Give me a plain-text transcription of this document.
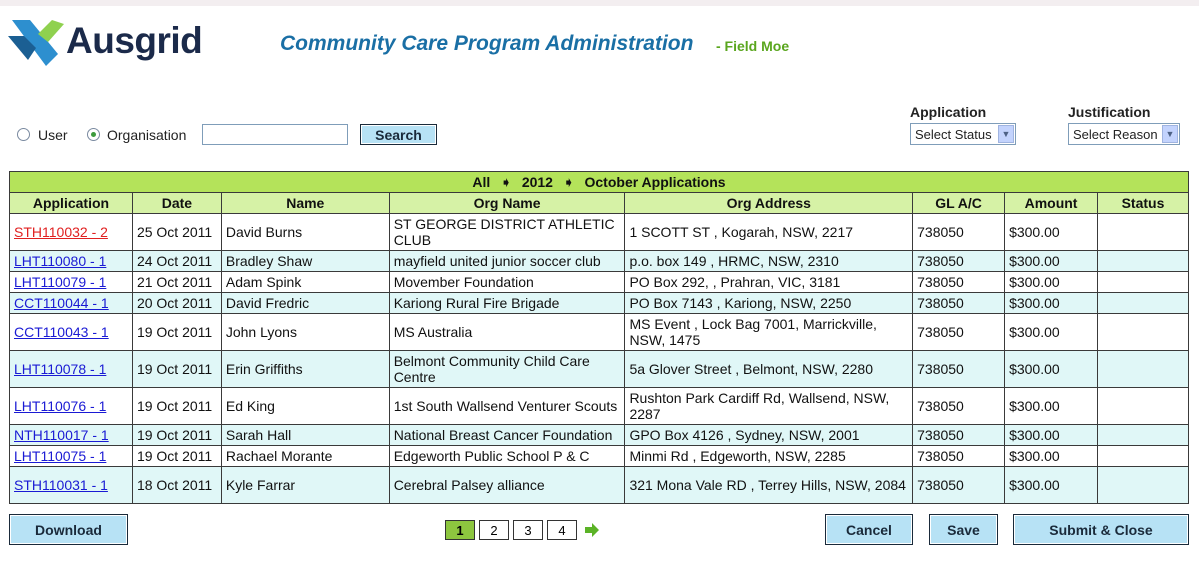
Ausgrid	Community Care Program Administration - Field Moe
User	Organisation	Search
Application
Select Status	▼
Justification
Select Reason ▼
All ➧ 2012 ➧ October Applications							
Application	Date	Name	Org Name	Org Address	GL A/C	Amount	Status
STH110032 - 2	25 Oct 2011	David Burns	ST GEORGE DISTRICT ATHLETIC CLUB	1 SCOTT ST , Kogarah, NSW, 2217	738050	$300.00	
LHT110080 - 1	24 Oct 2011	Bradley Shaw	mayfield united junior soccer club	p.o. box 149 , HRMC, NSW, 2310	738050	$300.00	
LHT110079 - 1	21 Oct 2011	Adam Spink	Movember Foundation	PO Box 292, , Prahran, VIC, 3181	738050	$300.00	
CCT110044 - 1	20 Oct 2011	David Fredric	Kariong Rural Fire Brigade	PO Box 7143 , Kariong, NSW, 2250	738050	$300.00	
CCT110043 - 1	19 Oct 2011	John Lyons	MS Australia	MS Event , Lock Bag 7001, Marrickville, NSW, 1475	738050	$300.00	
LHT110078 - 1	19 Oct 2011	Erin Griffiths	Belmont Community Child Care Centre	5a Glover Street , Belmont, NSW, 2280	738050	$300.00	
LHT110076 - 1	19 Oct 2011	Ed King	1st South Wallsend Venturer Scouts	Rushton Park Cardiff Rd, Wallsend, NSW, 2287	738050	$300.00	
NTH110017 - 1	19 Oct 2011	Sarah Hall	National Breast Cancer Foundation	GPO Box 4126 , Sydney, NSW, 2001	738050	$300.00	
LHT110075 - 1	19 Oct 2011	Rachael Morante	Edgeworth Public School P & C	Minmi Rd , Edgeworth, NSW, 2285	738050	$300.00	
STH110031 - 1	18 Oct 2011	Kyle Farrar	Cerebral Palsey alliance	321 Mona Vale RD , Terrey Hills, NSW, 2084	738050	$300.00	
Download	1	2	3	4	Cancel	Save	Submit & Close
